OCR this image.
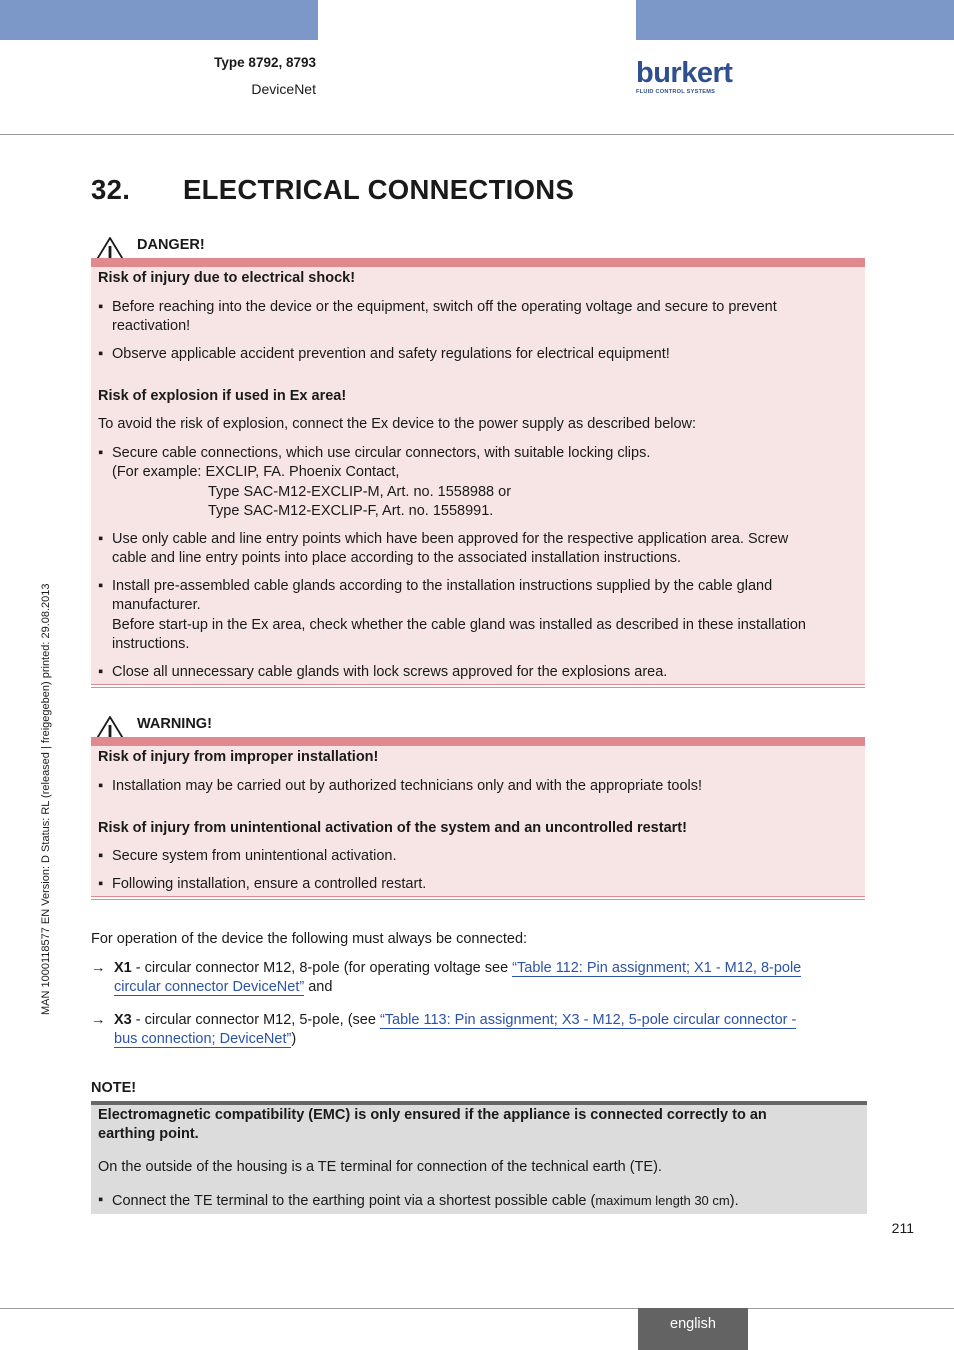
Type 8792, 8793
DeviceNet	burkert
FLUID CONTROL SYSTEMS
MAN 1000118577 EN Version: D Status: RL (released | freigegeben) printed: 29.08.2013
32. ELECTRICAL CONNECTIONS
DANGER!
Risk of injury due to electrical shock!
▪ Before reaching into the device or the equipment, switch off the operating voltage and secure to prevent
reactivation!
▪ Observe applicable accident prevention and safety regulations for electrical equipment!
Risk of explosion if used in Ex area!
To avoid the risk of explosion, connect the Ex device to the power supply as described below:
▪ Secure cable connections, which use circular connectors, with suitable locking clips.
(For example: EXCLIP, FA. Phoenix Contact,
Type SAC-M12-EXCLIP-M, Art. no. 1558988 or
Type SAC-M12-EXCLIP-F, Art. no. 1558991.
▪ Use only cable and line entry points which have been approved for the respective application area. Screw
cable and line entry points into place according to the associated installation instructions.
▪ Install pre-assembled cable glands according to the installation instructions supplied by the cable gland
manufacturer.
Before start-up in the Ex area, check whether the cable gland was installed as described in these installation
instructions.
▪ Close all unnecessary cable glands with lock screws approved for the explosions area.
WARNING!
Risk of injury from improper installation!
▪ Installation may be carried out by authorized technicians only and with the appropriate tools!
Risk of injury from unintentional activation of the system and an uncontrolled restart!
▪ Secure system from unintentional activation.
▪ Following installation, ensure a controlled restart.
For operation of the device the following must always be connected:
→ X1 - circular connector M12, 8-pole (for operating voltage see “Table 112: Pin assignment; X1 - M12, 8-pole
circular connector DeviceNet” and
→ X3 - circular connector M12, 5-pole, (see “Table 113: Pin assignment; X3 - M12, 5-pole circular connector -
bus connection; DeviceNet”)
NOTE!
Electromagnetic compatibility (EMC) is only ensured if the appliance is connected correctly to an
earthing point.
On the outside of the housing is a TE terminal for connection of the technical earth (TE).
▪ Connect the TE terminal to the earthing point via a shortest possible cable (maximum length 30 cm).
211
english
